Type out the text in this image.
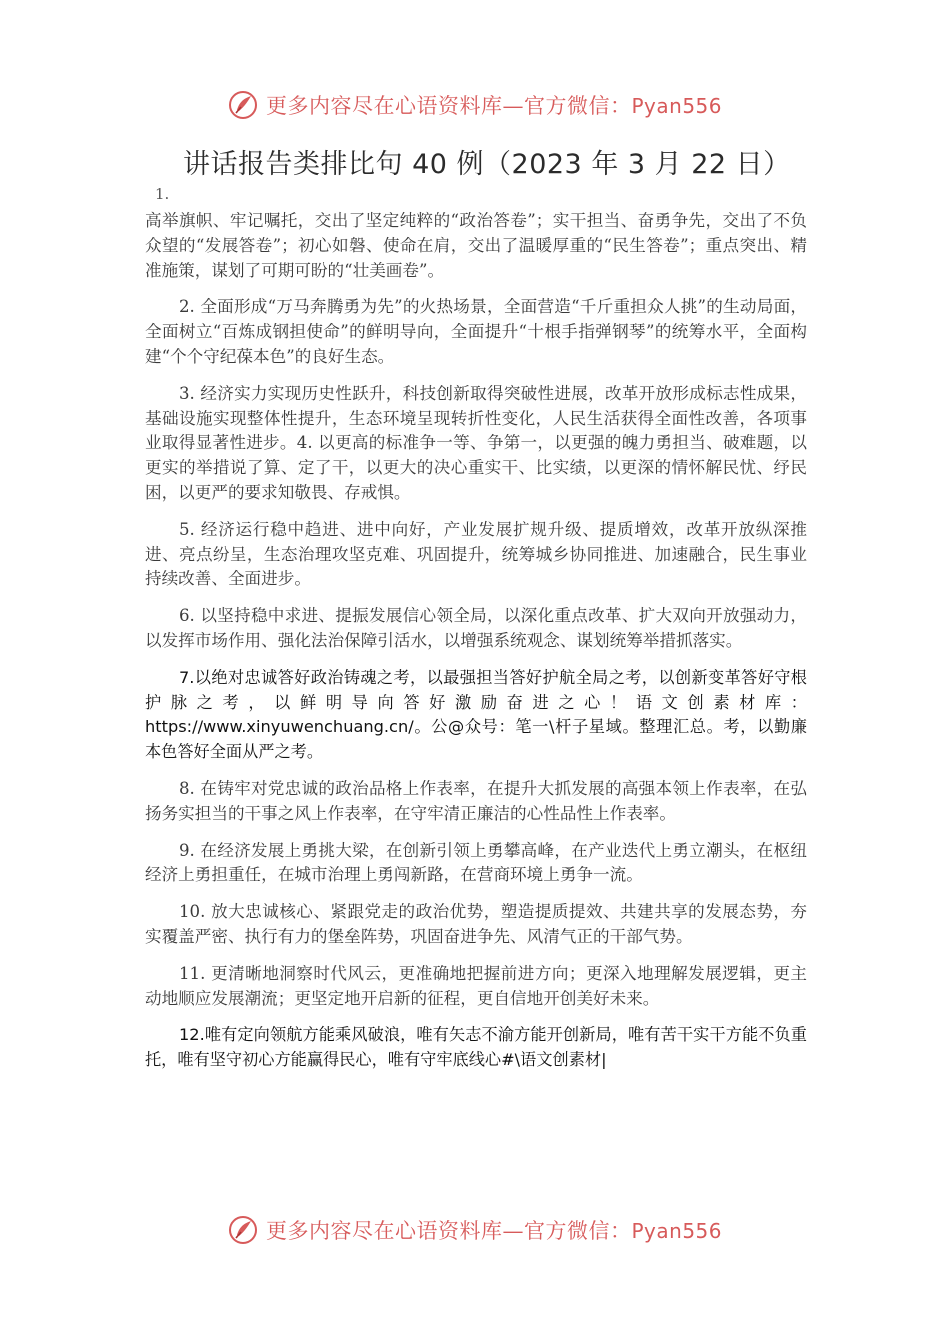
更多内容尽在心语资料库—官方微信：Pyan556
讲话报告类排比句 40 例（2023 年 3 月 22 日）1.

高举旗帜、牢记嘱托，交出了坚定纯粹的“政治答卷”；实干担当、奋勇争先，交出了不负众望的“发展答卷”；初心如磐、使命在肩，交出了温暖厚重的“民生答卷”；重点突出、精准施策，谋划了可期可盼的“壮美画卷”。

2. 全面形成“万马奔腾勇为先”的火热场景，全面营造“千斤重担众人挑”的生动局面，全面树立“百炼成钢担使命”的鲜明导向，全面提升“十根手指弹钢琴”的统筹水平，全面构建“个个守纪葆本色”的良好生态。

3. 经济实力实现历史性跃升，科技创新取得突破性进展，改革开放形成标志性成果，基础设施实现整体性提升，生态环境呈现转折性变化，人民生活获得全面性改善，各项事业取得显著性进步。4. 以更高的标准争一等、争第一，以更强的魄力勇担当、破难题，以更实的举措说了算、定了干，以更大的决心重实干、比实绩，以更深的情怀解民忧、纾民困，以更严的要求知敬畏、存戒惧。

5. 经济运行稳中趋进、进中向好，产业发展扩规升级、提质增效，改革开放纵深推进、亮点纷呈，生态治理攻坚克难、巩固提升，统筹城乡协同推进、加速融合，民生事业持续改善、全面进步。

6. 以坚持稳中求进、提振发展信心领全局，以深化重点改革、扩大双向开放强动力，以发挥市场作用、强化法治保障引活水，以增强系统观念、谋划统筹举措抓落实。

7.以绝对忠诚答好政治铸魂之考，以最强担当答好护航全局之考，以创新变革答好守根护脉之考，以鲜明导向答好激励奋进之心！语文创素材库：https://www.xinyuwenchuang.cn/。公@众号：笔一\杆子星域。整理汇总。考，以勤廉本色答好全面从严之考。

8. 在铸牢对党忠诚的政治品格上作表率，在提升大抓发展的高强本领上作表率，在弘扬务实担当的干事之风上作表率，在守牢清正廉洁的心性品性上作表率。

9. 在经济发展上勇挑大梁，在创新引领上勇攀高峰，在产业迭代上勇立潮头，在枢纽经济上勇担重任，在城市治理上勇闯新路，在营商环境上勇争一流。

10. 放大忠诚核心、紧跟党走的政治优势，塑造提质提效、共建共享的发展态势，夯实覆盖严密、执行有力的堡垒阵势，巩固奋进争先、风清气正的干部气势。

11. 更清晰地洞察时代风云，更准确地把握前进方向；更深入地理解发展逻辑，更主动地顺应发展潮流；更坚定地开启新的征程，更自信地开创美好未来。

12.唯有定向领航方能乘风破浪，唯有矢志不渝方能开创新局，唯有苦干实干方能不负重托，唯有坚守初心方能赢得民心，唯有守牢底线心#\语文创素材|

更多内容尽在心语资料库—官方微信：Pyan556
